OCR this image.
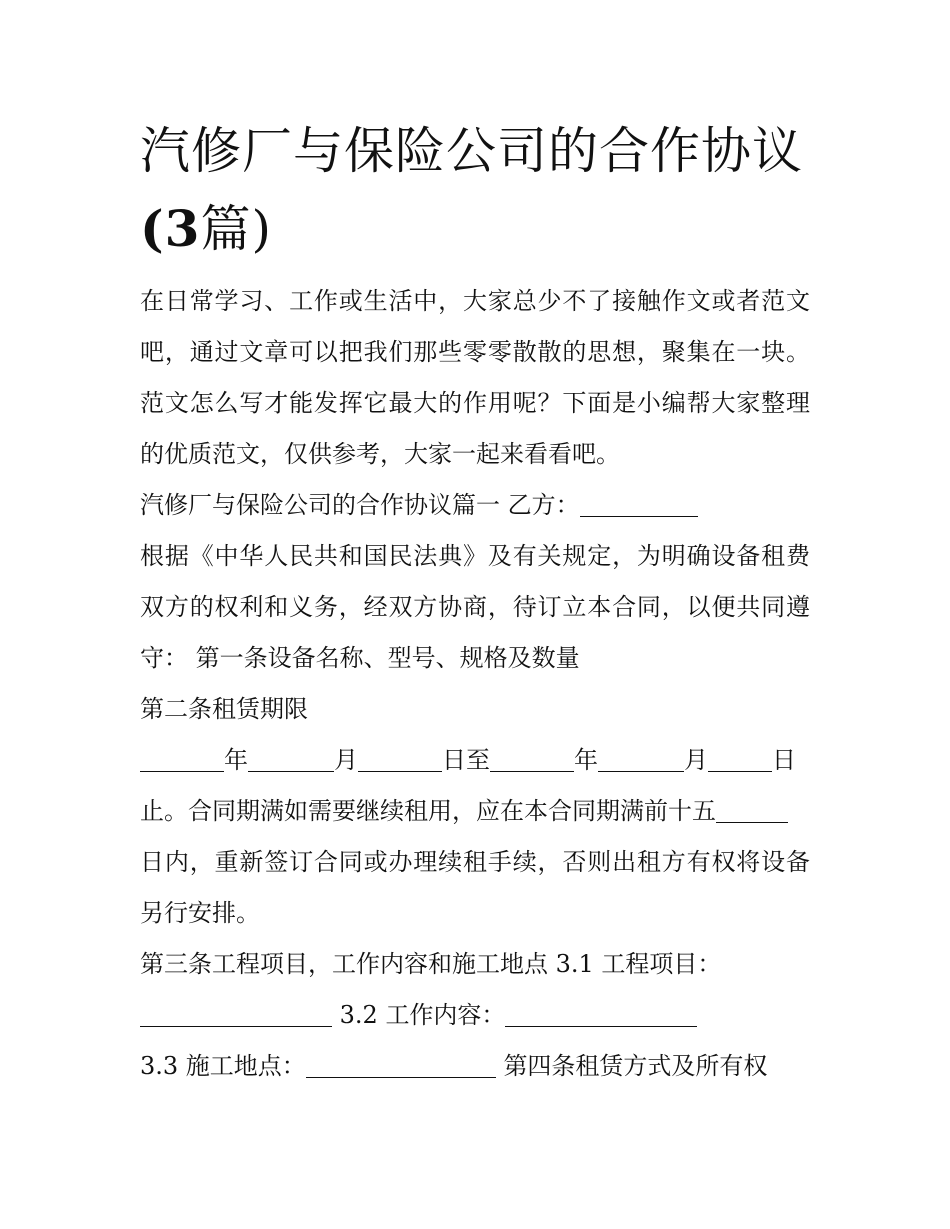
汽修厂与保险公司的合作协议
(3篇)
在日常学习、工作或生活中，大家总少不了接触作文或者范文
吧，通过文章可以把我们那些零零散散的思想，聚集在一块。
范文怎么写才能发挥它最大的作用呢？下面是小编帮大家整理
的优质范文，仅供参考，大家一起来看看吧。
汽修厂与保险公司的合作协议篇一 乙方：
根据《中华人民共和国民法典》及有关规定，为明确设备租费
双方的权利和义务，经双方协商，待订立本合同，以便共同遵
守： 第一条设备名称、型号、规格及数量
第二条租赁期限
年	月	日至	年	月	日
止。合同期满如需要继续租用，应在本合同期满前十五
日内，重新签订合同或办理续租手续，否则出租方有权将设备
另行安排。
第三条工程项目，工作内容和施工地点 3.1 工程项目：
3.2 工作内容：
3.3 施工地点：	第四条租赁方式及所有权
